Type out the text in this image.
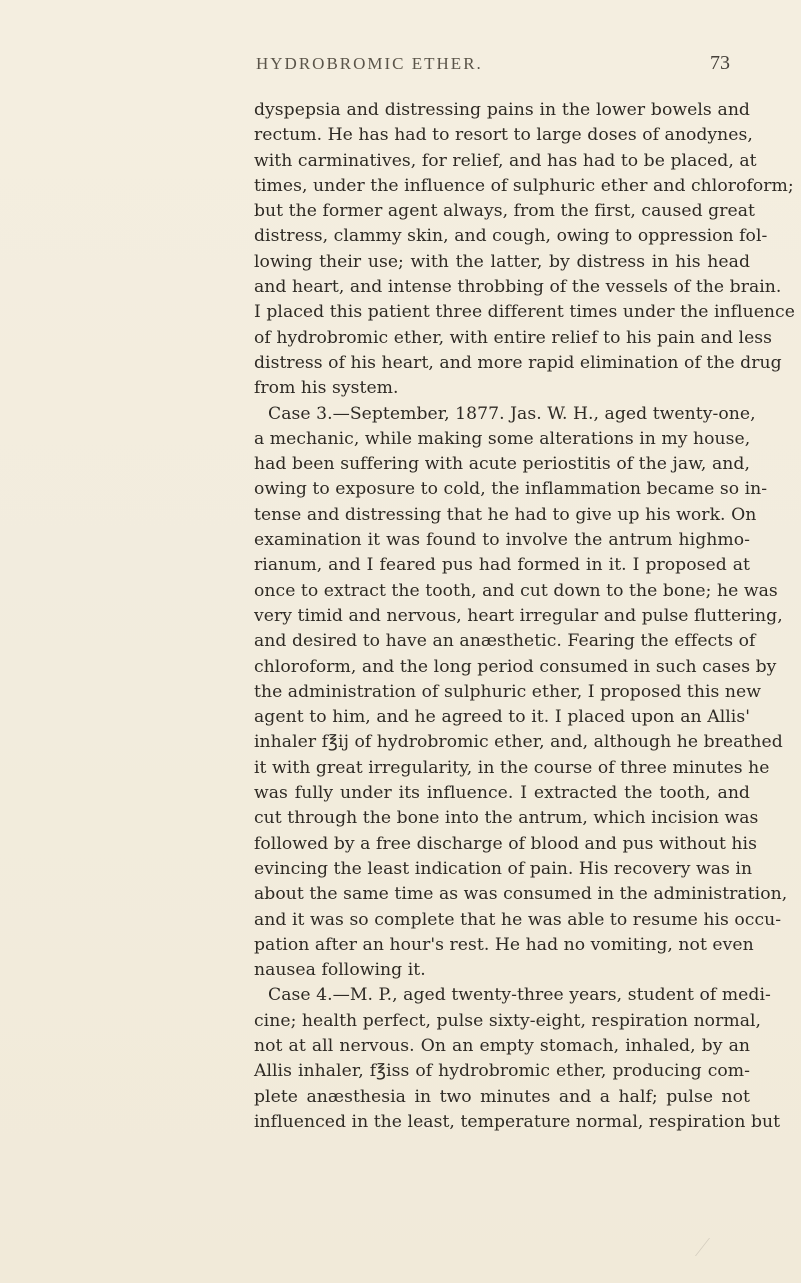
HYDROBROMIC ETHER.	73
dyspepsia and distressing pains in the lower bowels and
rectum. He has had to resort to large doses of anodynes,
with carminatives, for relief, and has had to be placed, at
times, under the influence of sulphuric ether and chloroform;
but the former agent always, from the first, caused great
distress, clammy skin, and cough, owing to oppression fol-
lowing their use; with the latter, by distress in his head
and heart, and intense throbbing of the vessels of the brain.
I placed this patient three different times under the influence
of hydrobromic ether, with entire relief to his pain and less
distress of his heart, and more rapid elimination of the drug
from his system.
Case 3.—September, 1877. Jas. W. H., aged twenty-one,
a mechanic, while making some alterations in my house,
had been suffering with acute periostitis of the jaw, and,
owing to exposure to cold, the inflammation became so in-
tense and distressing that he had to give up his work. On
examination it was found to involve the antrum highmo-
rianum, and I feared pus had formed in it. I proposed at
once to extract the tooth, and cut down to the bone; he was
very timid and nervous, heart irregular and pulse fluttering,
and desired to have an anæsthetic. Fearing the effects of
chloroform, and the long period consumed in such cases by
the administration of sulphuric ether, I proposed this new
agent to him, and he agreed to it. I placed upon an Allis'
inhaler f℥ij of hydrobromic ether, and, although he breathed
it with great irregularity, in the course of three minutes he
was fully under its influence. I extracted the tooth, and
cut through the bone into the antrum, which incision was
followed by a free discharge of blood and pus without his
evincing the least indication of pain. His recovery was in
about the same time as was consumed in the administration,
and it was so complete that he was able to resume his occu-
pation after an hour's rest. He had no vomiting, not even
nausea following it.
Case 4.—M. P., aged twenty-three years, student of medi-
cine; health perfect, pulse sixty-eight, respiration normal,
not at all nervous. On an empty stomach, inhaled, by an
Allis inhaler, f℥iss of hydrobromic ether, producing com-
plete anæsthesia in two minutes and a half; pulse not
influenced in the least, temperature normal, respiration but
